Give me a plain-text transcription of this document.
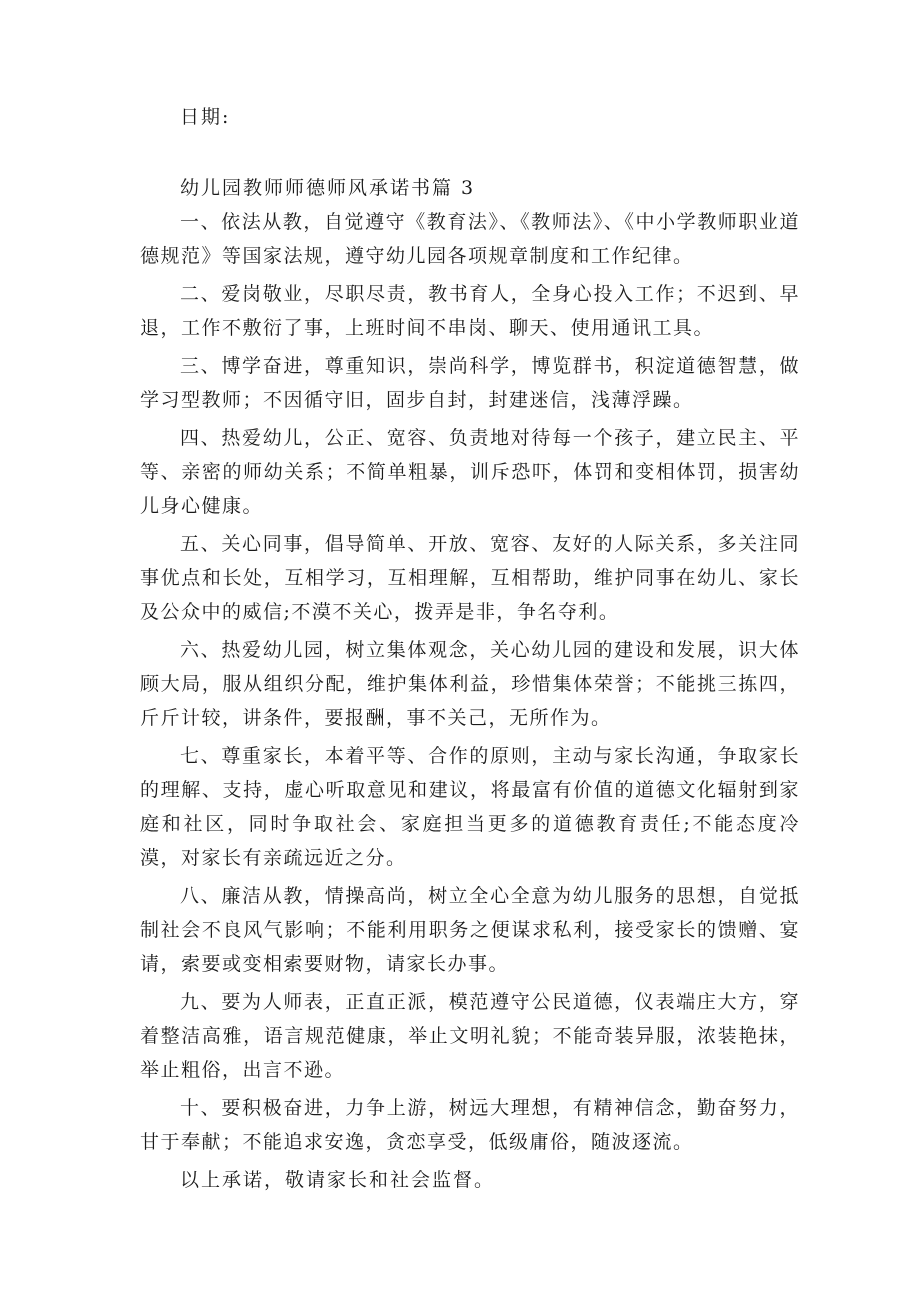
日期:

幼儿园教师师德师风承诺书篇 3

一、依法从教，自觉遵守《教育法》、《教师法》、《中小学教师职业道德规范》等国家法规，遵守幼儿园各项规章制度和工作纪律。

二、爱岗敬业，尽职尽责，教书育人，全身心投入工作；不迟到、早退，工作不敷衍了事，上班时间不串岗、聊天、使用通讯工具。

三、博学奋进，尊重知识，崇尚科学，博览群书，积淀道德智慧，做学习型教师；不因循守旧，固步自封，封建迷信，浅薄浮躁。

四、热爱幼儿，公正、宽容、负责地对待每一个孩子，建立民主、平等、亲密的师幼关系；不简单粗暴，训斥恐吓，体罚和变相体罚，损害幼儿身心健康。

五、关心同事，倡导简单、开放、宽容、友好的人际关系，多关注同事优点和长处，互相学习，互相理解，互相帮助，维护同事在幼儿、家长及公众中的威信;不漠不关心，拨弄是非，争名夺利。

六、热爱幼儿园，树立集体观念，关心幼儿园的建设和发展，识大体顾大局，服从组织分配，维护集体利益，珍惜集体荣誉；不能挑三拣四，斤斤计较，讲条件，要报酬，事不关己，无所作为。

七、尊重家长，本着平等、合作的原则，主动与家长沟通，争取家长的理解、支持，虚心听取意见和建议，将最富有价值的道德文化辐射到家庭和社区，同时争取社会、家庭担当更多的道德教育责任;不能态度冷漠，对家长有亲疏远近之分。

八、廉洁从教，情操高尚，树立全心全意为幼儿服务的思想，自觉抵制社会不良风气影响；不能利用职务之便谋求私利，接受家长的馈赠、宴请，索要或变相索要财物，请家长办事。

九、要为人师表，正直正派，模范遵守公民道德，仪表端庄大方，穿着整洁高雅，语言规范健康，举止文明礼貌；不能奇装异服，浓装艳抹，举止粗俗，出言不逊。

十、要积极奋进，力争上游，树远大理想，有精神信念，勤奋努力，甘于奉献；不能追求安逸，贪恋享受，低级庸俗，随波逐流。

以上承诺，敬请家长和社会监督。
